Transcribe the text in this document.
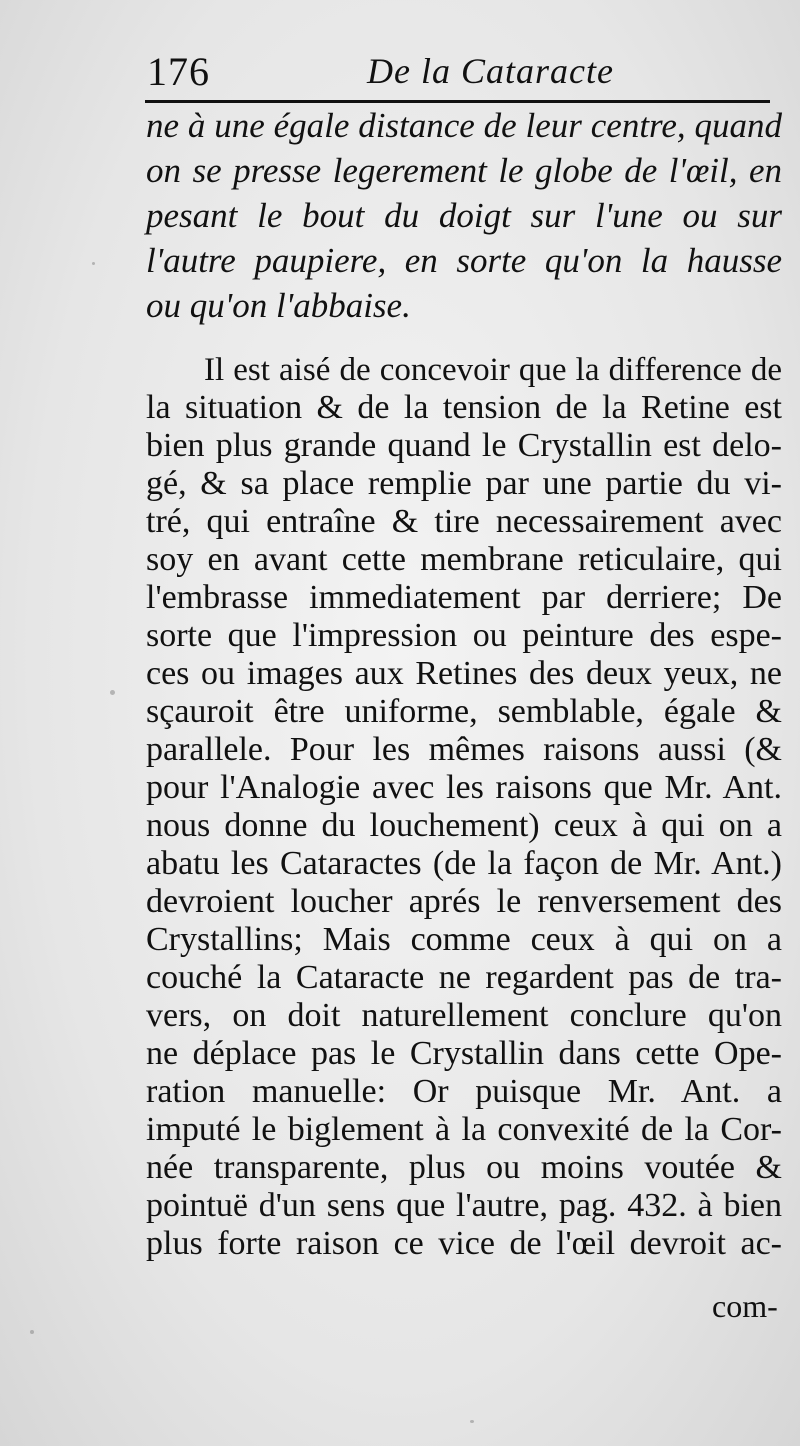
176	De la Cataracte
ne à une égale distance de leur centre, quand
on se presse legerement le globe de l'œil, en
pesant le bout du doigt sur l'une ou sur
l'autre paupiere, en sorte qu'on la hausse
ou qu'on l'abbaise.
Il est aisé de concevoir que la difference de
la situation & de la tension de la Retine est
bien plus grande quand le Crystallin est delo-
gé, & sa place remplie par une partie du vi-
tré, qui entraîne & tire necessairement avec
soy en avant cette membrane reticulaire, qui
l'embrasse immediatement par derriere; De
sorte que l'impression ou peinture des espe-
ces ou images aux Retines des deux yeux, ne
sçauroit être uniforme, semblable, égale &
parallele. Pour les mêmes raisons aussi (&
pour l'Analogie avec les raisons que Mr. Ant.
nous donne du louchement) ceux à qui on a
abatu les Cataractes (de la façon de Mr. Ant.)
devroient loucher aprés le renversement des
Crystallins; Mais comme ceux à qui on a
couché la Cataracte ne regardent pas de tra-
vers, on doit naturellement conclure qu'on
ne déplace pas le Crystallin dans cette Ope-
ration manuelle: Or puisque Mr. Ant. a
imputé le biglement à la convexité de la Cor-
née transparente, plus ou moins voutée &
pointuë d'un sens que l'autre, pag. 432. à bien
plus forte raison ce vice de l'œil devroit ac-
com-
